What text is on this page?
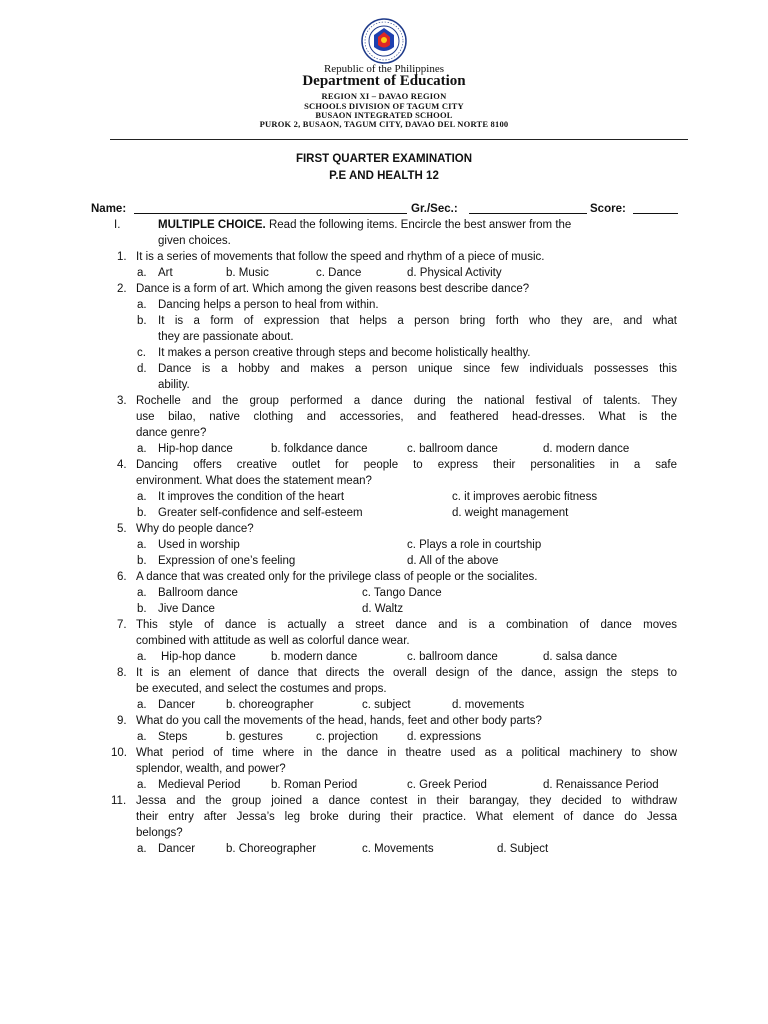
Republic of the Philippines
Department of Education
REGION XI – DAVAO REGION
SCHOOLS DIVISION OF TAGUM CITY
BUSAON INTEGRATED SCHOOL
PUROK 2, BUSAON, TAGUM CITY, DAVAO DEL NORTE 8100
FIRST QUARTER EXAMINATION
P.E AND HEALTH 12
Name:	Gr./Sec.:	Score:
I.	MULTIPLE CHOICE. Read the following items. Encircle the best answer from the
given choices.
1. It is a series of movements that follow the speed and rhythm of a piece of music.
a. Art	b. Music	c. Dance	d. Physical Activity
2. Dance is a form of art. Which among the given reasons best describe dance?
a. Dancing helps a person to heal from within.
b. It is a form of expression that helps a person bring forth who they are, and what
they are passionate about.
c. It makes a person creative through steps and become holistically healthy.
d. Dance is a hobby and makes a person unique since few individuals possesses this
ability.
3. Rochelle and the group performed a dance during the national festival of talents. They
use bilao, native clothing and accessories, and feathered head-dresses. What is the
dance genre?
a. Hip-hop dance	b. folkdance dance	c. ballroom dance	d. modern dance
4. Dancing offers creative outlet for people to express their personalities in a safe
environment. What does the statement mean?
a. It improves the condition of the heart	c. it improves aerobic fitness
b. Greater self-confidence and self-esteem	d. weight management
5. Why do people dance?
a. Used in worship	c. Plays a role in courtship
b. Expression of one’s feeling	d. All of the above
6. A dance that was created only for the privilege class of people or the socialites.
a. Ballroom dance	c. Tango Dance
b. Jive Dance	d. Waltz
7. This style of dance is actually a street dance and is a combination of dance moves
combined with attitude as well as colorful dance wear.
a. Hip-hop dance	b. modern dance	c. ballroom dance	d. salsa dance
8. It is an element of dance that directs the overall design of the dance, assign the steps to
be executed, and select the costumes and props.
a. Dancer	b. choreographer	c. subject	d. movements
9. What do you call the movements of the head, hands, feet and other body parts?
a. Steps	b. gestures	c. projection	d. expressions
10. What period of time where in the dance in theatre used as a political machinery to show
splendor, wealth, and power?
a. Medieval Period	b. Roman Period	c. Greek Period	d. Renaissance Period
11. Jessa and the group joined a dance contest in their barangay, they decided to withdraw
their entry after Jessa’s leg broke during their practice. What element of dance do Jessa
belongs?
a. Dancer	b. Choreographer	c. Movements	d. Subject
